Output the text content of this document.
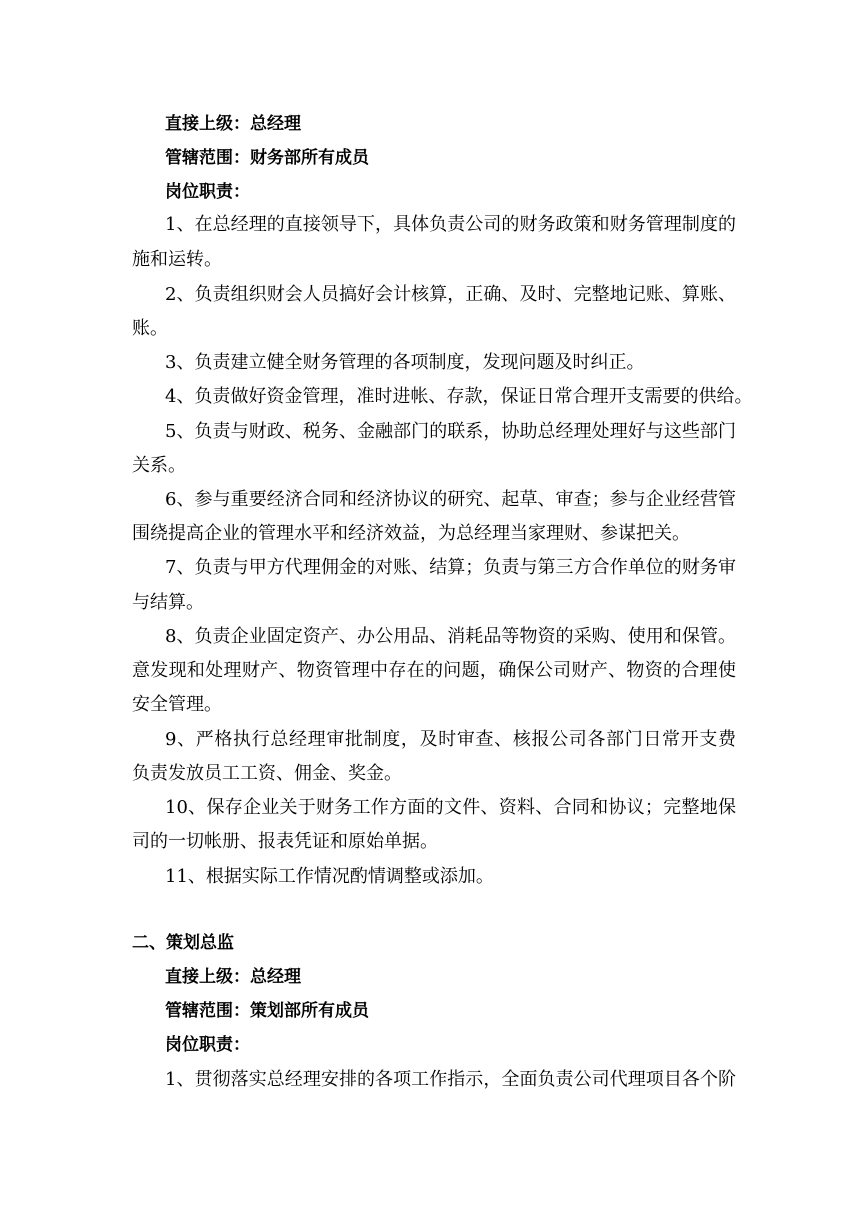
直接上级：总经理
管辖范围：财务部所有成员
岗位职责：
1、在总经理的直接领导下，具体负责公司的财务政策和财务管理制度的
施和运转。
2、负责组织财会人员搞好会计核算，正确、及时、完整地记账、算账、
账。
3、负责建立健全财务管理的各项制度，发现问题及时纠正。
4、负责做好资金管理，准时进帐、存款，保证日常合理开支需要的供给。
5、负责与财政、税务、金融部门的联系，协助总经理处理好与这些部门
关系。
6、参与重要经济合同和经济协议的研究、起草、审查；参与企业经营管
围绕提高企业的管理水平和经济效益，为总经理当家理财、参谋把关。
7、负责与甲方代理佣金的对账、结算；负责与第三方合作单位的财务审
与结算。
8、负责企业固定资产、办公用品、消耗品等物资的采购、使用和保管。
意发现和处理财产、物资管理中存在的问题，确保公司财产、物资的合理使
安全管理。
9、严格执行总经理审批制度，及时审查、核报公司各部门日常开支费
负责发放员工工资、佣金、奖金。
10、保存企业关于财务工作方面的文件、资料、合同和协议；完整地保
司的一切帐册、报表凭证和原始单据。
11、根据实际工作情况酌情调整或添加。
二、策划总监
直接上级：总经理
管辖范围：策划部所有成员
岗位职责：
1、贯彻落实总经理安排的各项工作指示，全面负责公司代理项目各个阶
